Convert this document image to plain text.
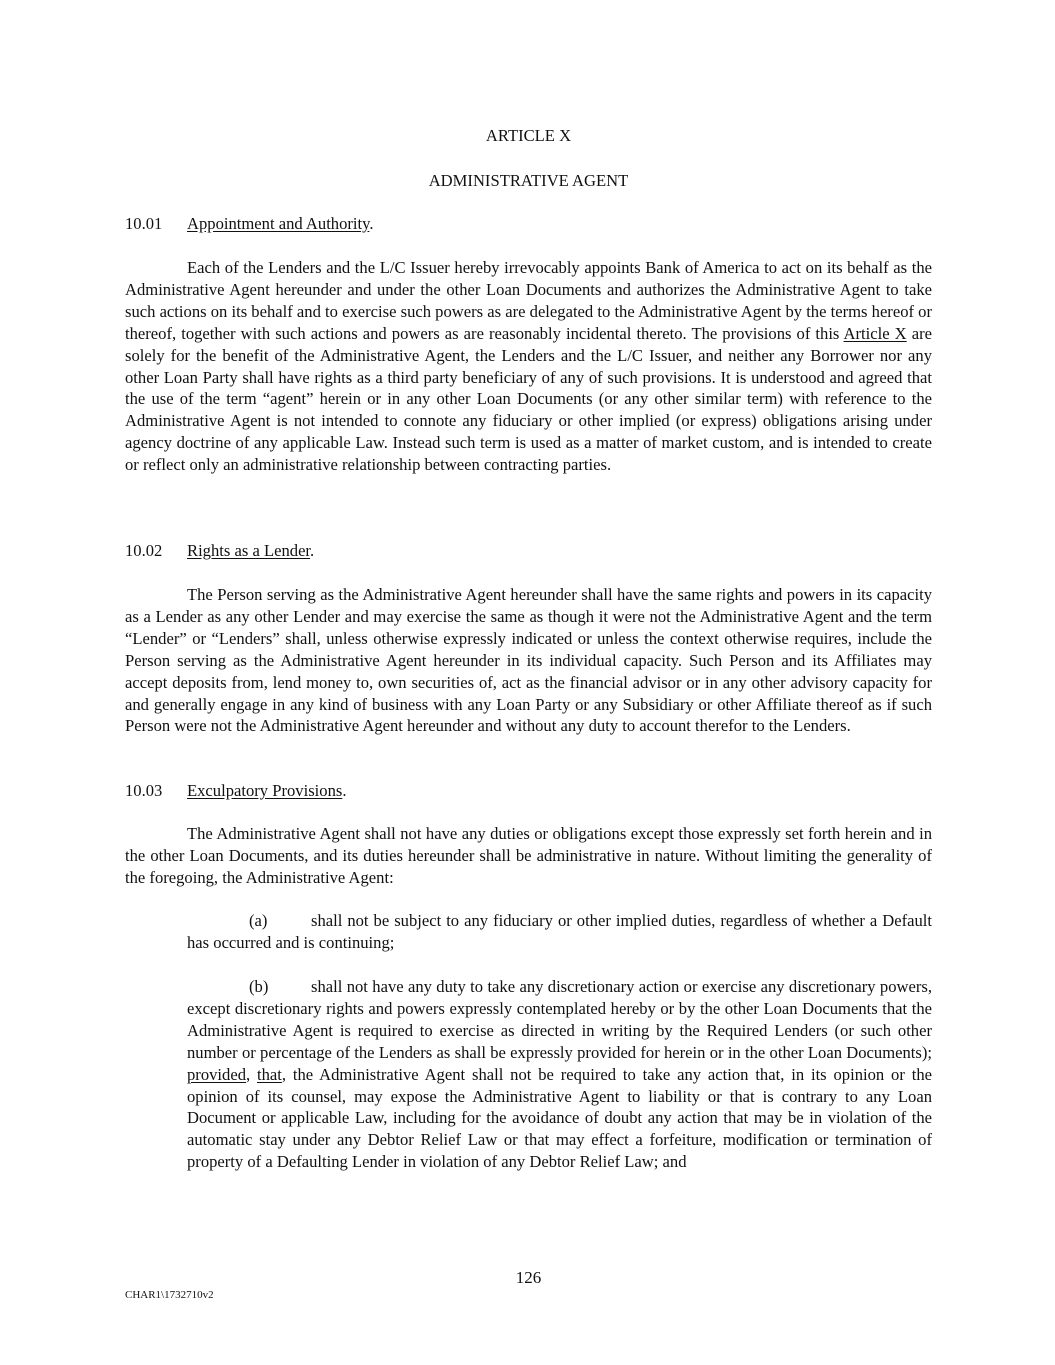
ARTICLE X
ADMINISTRATIVE AGENT
10.01 Appointment and Authority.

Each of the Lenders and the L/C Issuer hereby irrevocably appoints Bank of America to act on its behalf as the Administrative Agent hereunder and under the other Loan Documents and authorizes the Administrative Agent to take such actions on its behalf and to exercise such powers as are delegated to the Administrative Agent by the terms hereof or thereof, together with such actions and powers as are reasonably incidental thereto. The provisions of this Article X are solely for the benefit of the Administrative Agent, the Lenders and the L/C Issuer, and neither any Borrower nor any other Loan Party shall have rights as a third party beneficiary of any of such provisions. It is understood and agreed that the use of the term “agent” herein or in any other Loan Documents (or any other similar term) with reference to the Administrative Agent is not intended to connote any fiduciary or other implied (or express) obligations arising under agency doctrine of any applicable Law. Instead such term is used as a matter of market custom, and is intended to create or reflect only an administrative relationship between contracting parties.

10.02 Rights as a Lender.

The Person serving as the Administrative Agent hereunder shall have the same rights and powers in its capacity as a Lender as any other Lender and may exercise the same as though it were not the Administrative Agent and the term “Lender” or “Lenders” shall, unless otherwise expressly indicated or unless the context otherwise requires, include the Person serving as the Administrative Agent hereunder in its individual capacity. Such Person and its Affiliates may accept deposits from, lend money to, own securities of, act as the financial advisor or in any other advisory capacity for and generally engage in any kind of business with any Loan Party or any Subsidiary or other Affiliate thereof as if such Person were not the Administrative Agent hereunder and without any duty to account therefor to the Lenders.

10.03 Exculpatory Provisions.

The Administrative Agent shall not have any duties or obligations except those expressly set forth herein and in the other Loan Documents, and its duties hereunder shall be administrative in nature. Without limiting the generality of the foregoing, the Administrative Agent:

(a)	shall not be subject to any fiduciary or other implied duties, regardless of whether a Default has occurred and is continuing;
(b)	shall not have any duty to take any discretionary action or exercise any discretionary powers, except discretionary rights and powers expressly contemplated hereby or by the other Loan Documents that the Administrative Agent is required to exercise as directed in writing by the Required Lenders (or such other number or percentage of the Lenders as shall be expressly provided for herein or in the other Loan Documents); provided, that, the Administrative Agent shall not be required to take any action that, in its opinion or the opinion of its counsel, may expose the Administrative Agent to liability or that is contrary to any Loan Document or applicable Law, including for the avoidance of doubt any action that may be in violation of the automatic stay under any Debtor Relief Law or that may effect a forfeiture, modification or termination of property of a Defaulting Lender in violation of any Debtor Relief Law; and
126
CHAR1\1732710v2
